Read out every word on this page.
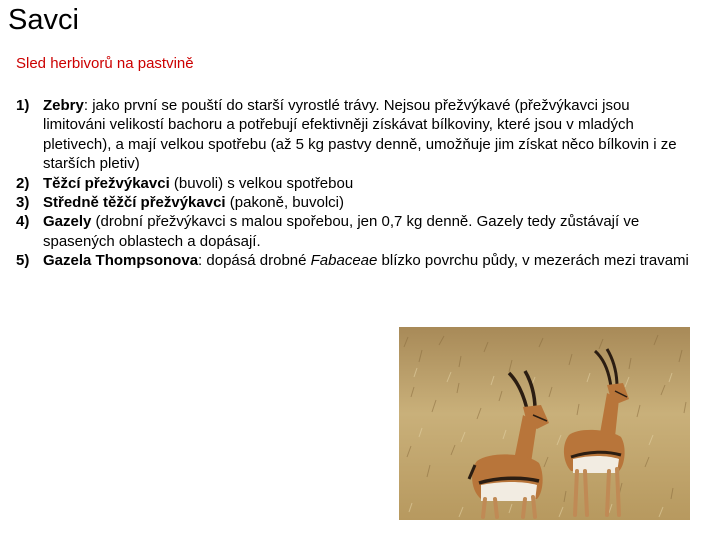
Savci
Sled herbivorů na pastvině
1) Zebry: jako první se pouští do starší vyrostlé trávy. Nejsou přežvýkavé (přežvýkavci jsou limitováni velikostí bachoru a potřebují efektivněji získávat bílkoviny, které jsou v mladých pletivech), a mají velkou spotřebu (až 5 kg pastvy denně, umožňuje jim získat něco bílkovin i ze starších pletiv)
2) Těžcí přežvýkavci (buvoli) s velkou spotřebou
3) Středně těžčí přežvýkavci (pakoně, buvolci)
4) Gazely (drobní přežvýkavci s malou spořebou, jen 0,7 kg denně. Gazely tedy zůstávají ve spasených oblastech a dopásají.
5) Gazela Thompsonova: dopásá drobné Fabaceae blízko povrchu půdy, v mezerách mezi travami
